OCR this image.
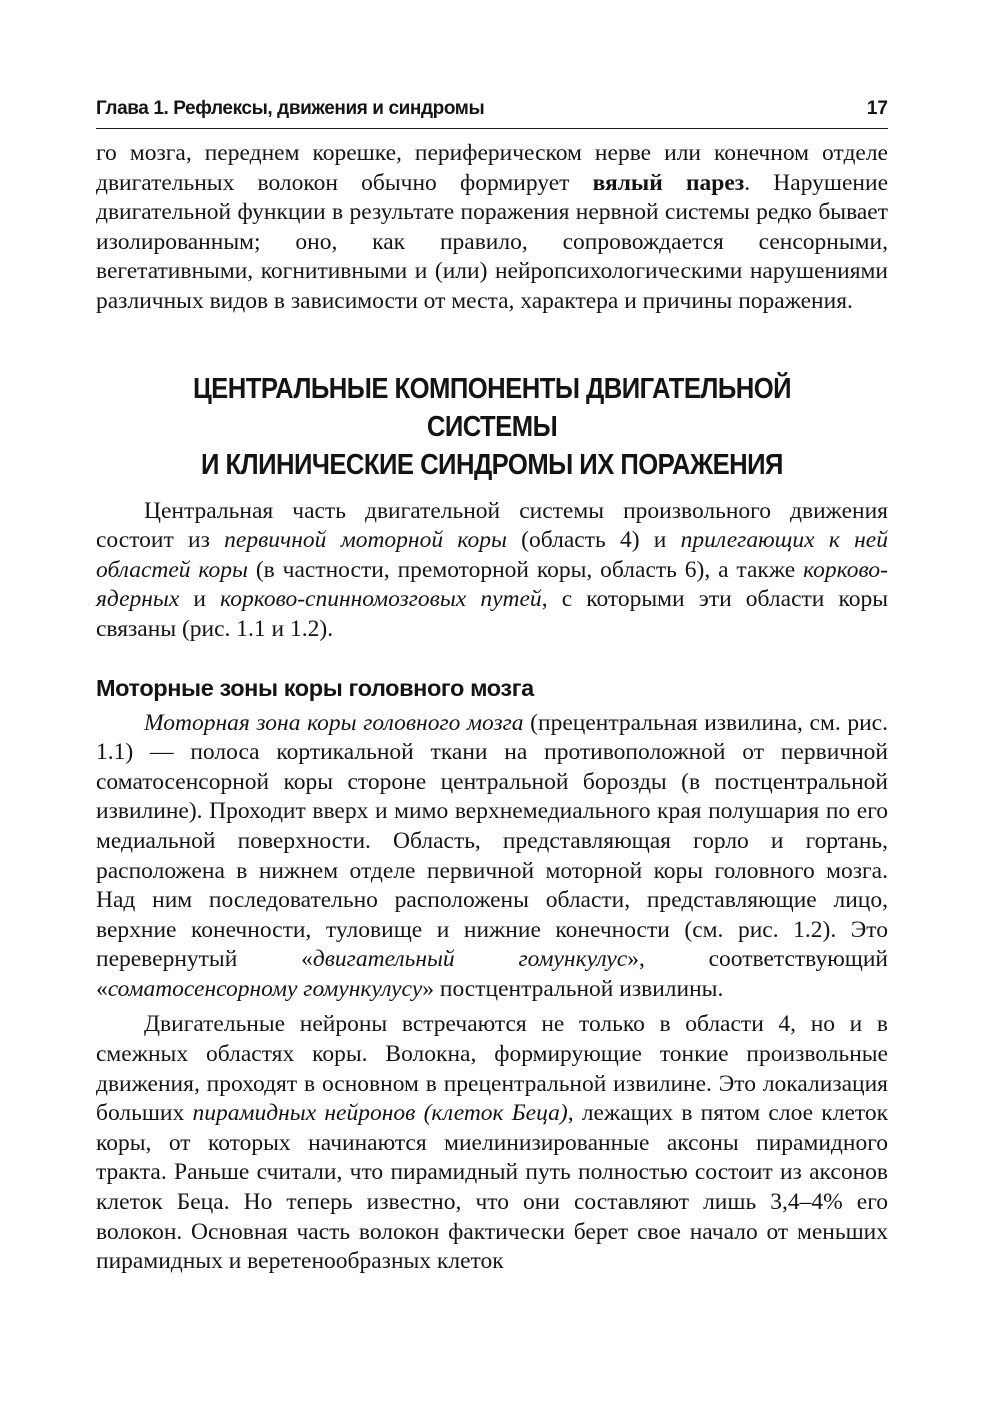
Глава 1. Рефлексы, движения и синдромы	17

го мозга, переднем корешке, периферическом нерве или конечном отделе двигательных волокон обычно формирует вялый парез. Нарушение двигательной функции в результате поражения нервной системы редко бывает изолированным; оно, как правило, сопровождается сенсорными, вегетативными, когнитивными и (или) нейропсихологическими нарушениями различных видов в зависимости от места, характера и причины поражения.

ЦЕНТРАЛЬНЫЕ КОМПОНЕНТЫ ДВИГАТЕЛЬНОЙ СИСТЕМЫ
И КЛИНИЧЕСКИЕ СИНДРОМЫ ИХ ПОРАЖЕНИЯ

Центральная часть двигательной системы произвольного движения состоит из первичной моторной коры (область 4) и прилегающих к ней областей коры (в частности, премоторной коры, область 6), а также корково-ядерных и корково-спинномозговых путей, с которыми эти области коры связаны (рис. 1.1 и 1.2).

Моторные зоны коры головного мозга

Моторная зона коры головного мозга (прецентральная извилина, см. рис. 1.1) — полоса кортикальной ткани на противоположной от первичной соматосенсорной коры стороне центральной борозды (в постцентральной извилине). Проходит вверх и мимо верхнемедиального края полушария по его медиальной поверхности. Область, представляющая горло и гортань, расположена в нижнем отделе первичной моторной коры головного мозга. Над ним последовательно расположены области, представляющие лицо, верхние конечности, туловище и нижние конечности (см. рис. 1.2). Это перевернутый «двигательный гомункулус», соответствующий «соматосенсорному гомункулусу» постцентральной извилины.

Двигательные нейроны встречаются не только в области 4, но и в смежных областях коры. Волокна, формирующие тонкие произвольные движения, проходят в основном в прецентральной извилине. Это локализация больших пирамидных нейронов (клеток Беца), лежащих в пятом слое клеток коры, от которых начинаются миелинизированные аксоны пирамидного тракта. Раньше считали, что пирамидный путь полностью состоит из аксонов клеток Беца. Но теперь известно, что они составляют лишь 3,4–4% его волокон. Основная часть волокон фактически берет свое начало от меньших пирамидных и веретенообразных клеток
